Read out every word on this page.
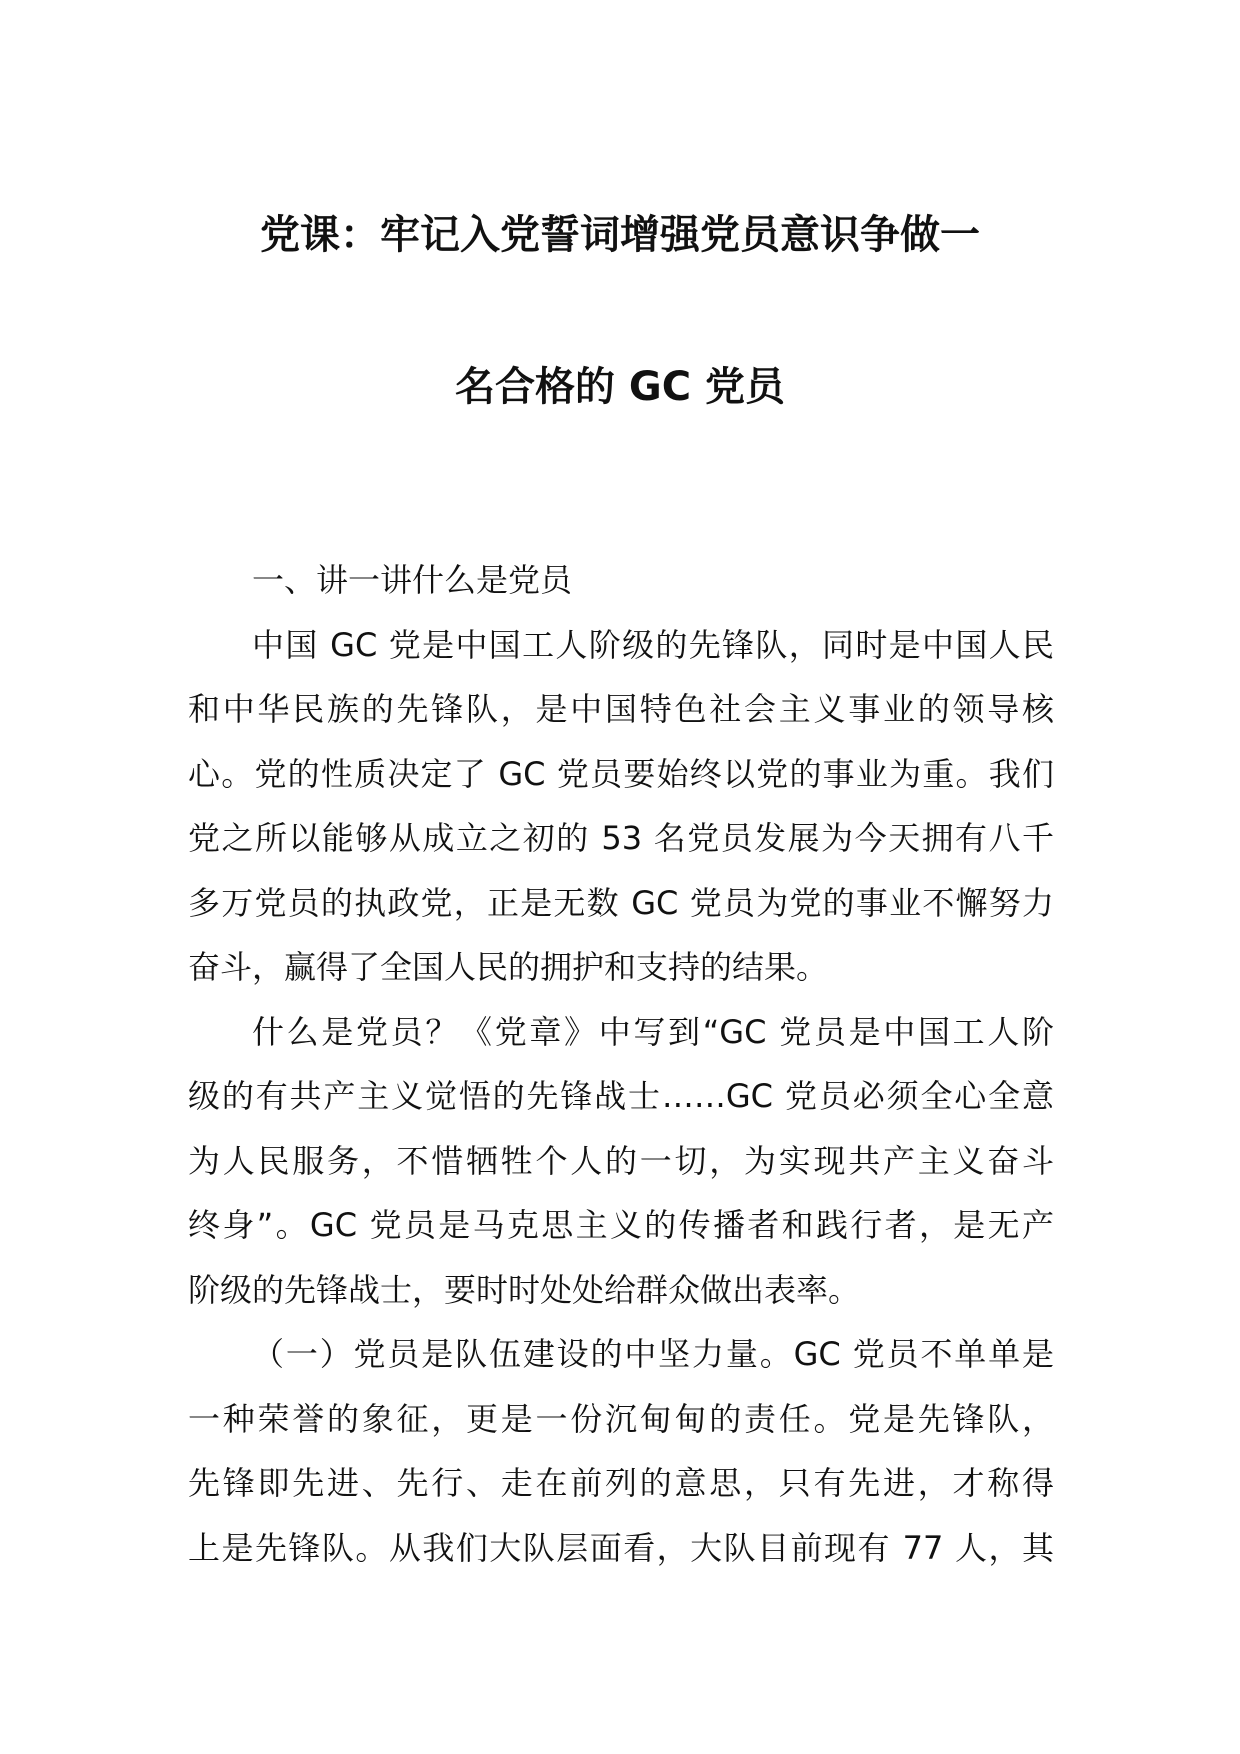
党课：牢记入党誓词增强党员意识争做一
名合格的 GC 党员
一、讲一讲什么是党员
中国 GC 党是中国工人阶级的先锋队，同时是中国人民
和中华民族的先锋队，是中国特色社会主义事业的领导核
心。党的性质决定了 GC 党员要始终以党的事业为重。我们
党之所以能够从成立之初的 53 名党员发展为今天拥有八千
多万党员的执政党，正是无数 GC 党员为党的事业不懈努力
奋斗，赢得了全国人民的拥护和支持的结果。
什么是党员？《党章》中写到“GC 党员是中国工人阶
级的有共产主义觉悟的先锋战士……GC 党员必须全心全意
为人民服务，不惜牺牲个人的一切，为实现共产主义奋斗
终身”。GC 党员是马克思主义的传播者和践行者，是无产
阶级的先锋战士，要时时处处给群众做出表率。
（一）党员是队伍建设的中坚力量。GC 党员不单单是
一种荣誉的象征，更是一份沉甸甸的责任。党是先锋队，
先锋即先进、先行、走在前列的意思，只有先进，才称得
上是先锋队。从我们大队层面看，大队目前现有 77 人，其
